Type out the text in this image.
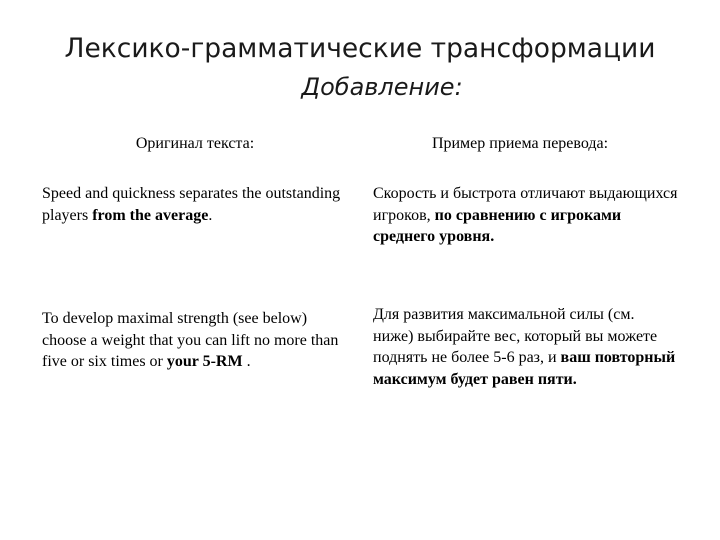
Лексико-грамматические трансформации
Добавление:
Оригинал текста:	Пример приема перевода:
Speed and quickness separates the outstanding players from the average.
Скорость и быстрота отличают выдающихся игроков, по сравнению с игроками среднего уровня.
To develop maximal strength (see below) choose a weight that you can lift no more than five or six times or your 5-RM .
Для развития максимальной силы (см. ниже) выбирайте вес, который вы можете поднять не более 5-6 раз, и ваш повторный максимум будет равен пяти.
